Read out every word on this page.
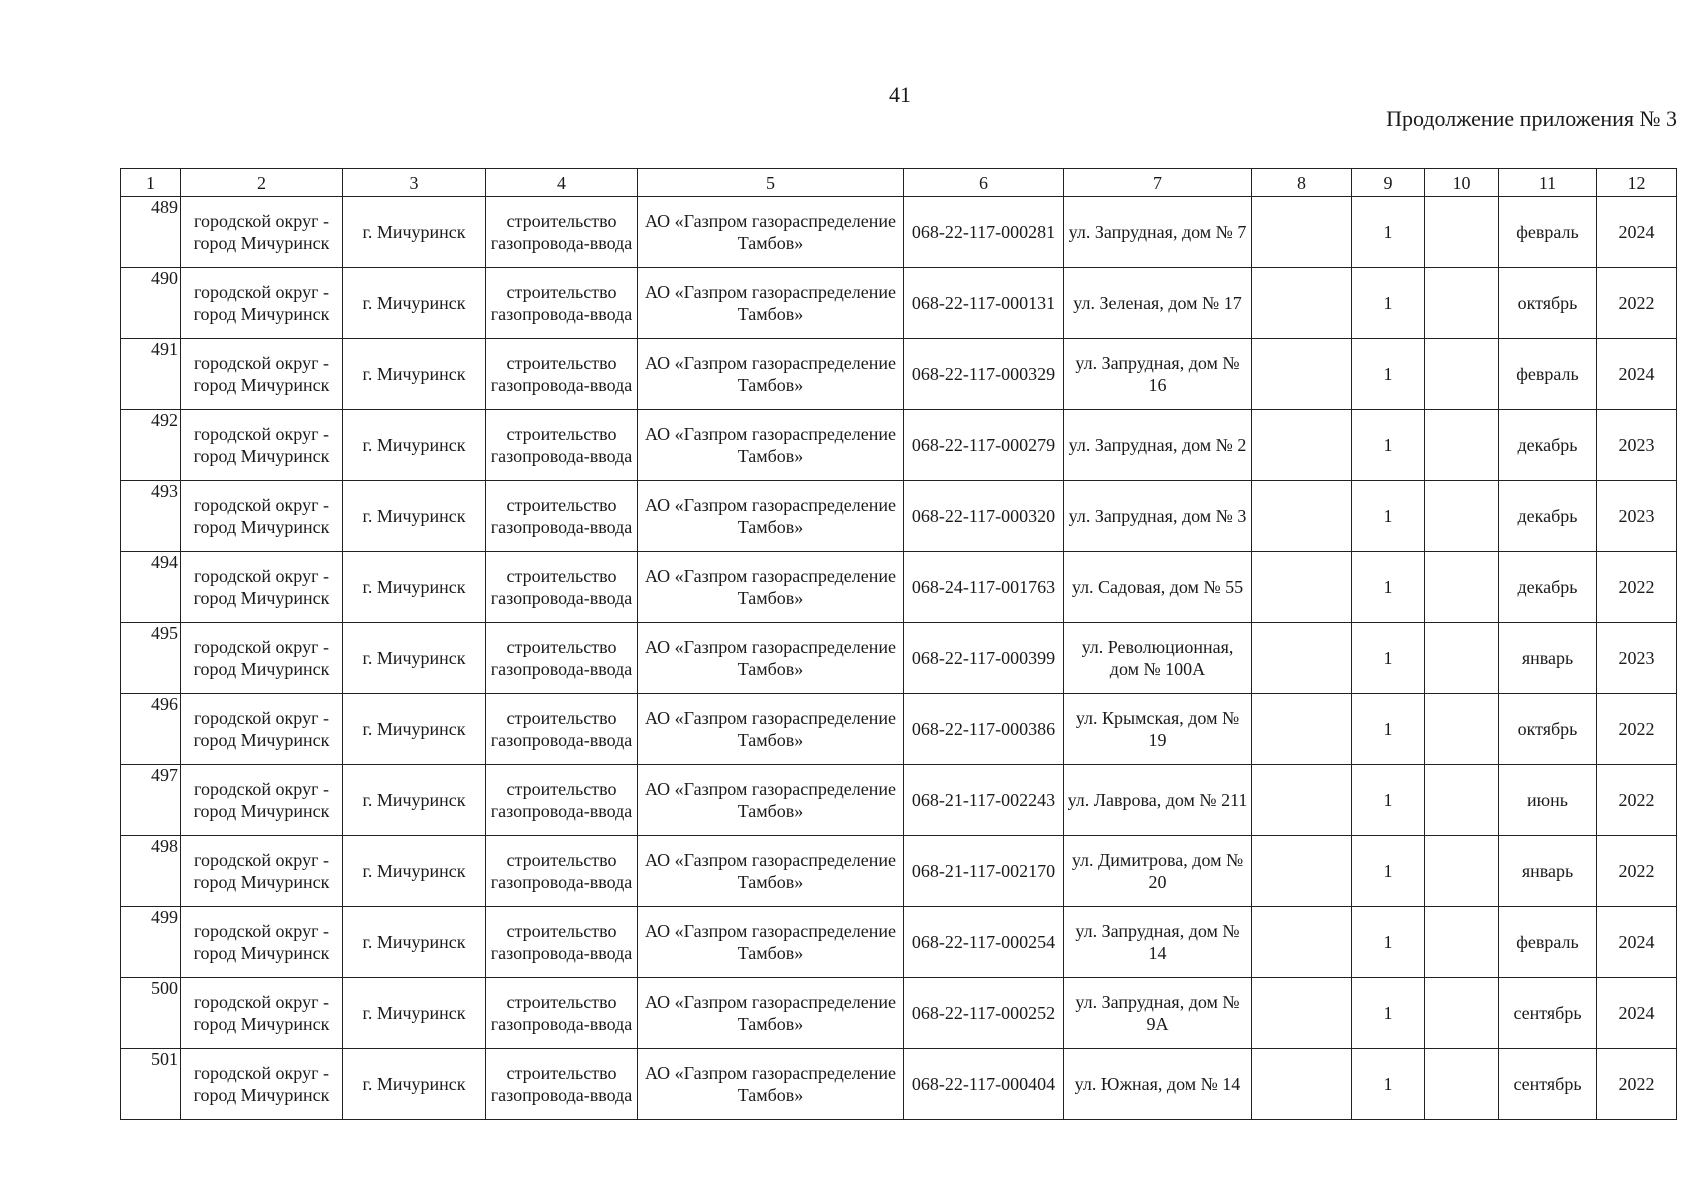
41
Продолжение приложения № 3
1	2	3	4	5	6	7	8	9	10	11	12
489	городской округ - город Мичуринск	г. Мичуринск	строительство газопровода-ввода	АО «Газпром газораспределение Тамбов»	068-22-117-000281	ул. Запрудная, дом № 7		1		февраль	2024
490	городской округ - город Мичуринск	г. Мичуринск	строительство газопровода-ввода	АО «Газпром газораспределение Тамбов»	068-22-117-000131	ул. Зеленая, дом № 17		1		октябрь	2022
491	городской округ - город Мичуринск	г. Мичуринск	строительство газопровода-ввода	АО «Газпром газораспределение Тамбов»	068-22-117-000329	ул. Запрудная, дом № 16		1		февраль	2024
492	городской округ - город Мичуринск	г. Мичуринск	строительство газопровода-ввода	АО «Газпром газораспределение Тамбов»	068-22-117-000279	ул. Запрудная, дом № 2		1		декабрь	2023
493	городской округ - город Мичуринск	г. Мичуринск	строительство газопровода-ввода	АО «Газпром газораспределение Тамбов»	068-22-117-000320	ул. Запрудная, дом № 3		1		декабрь	2023
494	городской округ - город Мичуринск	г. Мичуринск	строительство газопровода-ввода	АО «Газпром газораспределение Тамбов»	068-24-117-001763	ул. Садовая, дом № 55		1		декабрь	2022
495	городской округ - город Мичуринск	г. Мичуринск	строительство газопровода-ввода	АО «Газпром газораспределение Тамбов»	068-22-117-000399	ул. Революционная, дом № 100А		1		январь	2023
496	городской округ - город Мичуринск	г. Мичуринск	строительство газопровода-ввода	АО «Газпром газораспределение Тамбов»	068-22-117-000386	ул. Крымская, дом № 19		1		октябрь	2022
497	городской округ - город Мичуринск	г. Мичуринск	строительство газопровода-ввода	АО «Газпром газораспределение Тамбов»	068-21-117-002243	ул. Лаврова, дом № 211		1		июнь	2022
498	городской округ - город Мичуринск	г. Мичуринск	строительство газопровода-ввода	АО «Газпром газораспределение Тамбов»	068-21-117-002170	ул. Димитрова, дом № 20		1		январь	2022
499	городской округ - город Мичуринск	г. Мичуринск	строительство газопровода-ввода	АО «Газпром газораспределение Тамбов»	068-22-117-000254	ул. Запрудная, дом № 14		1		февраль	2024
500	городской округ - город Мичуринск	г. Мичуринск	строительство газопровода-ввода	АО «Газпром газораспределение Тамбов»	068-22-117-000252	ул. Запрудная, дом № 9А		1		сентябрь	2024
501	городской округ - город Мичуринск	г. Мичуринск	строительство газопровода-ввода	АО «Газпром газораспределение Тамбов»	068-22-117-000404	ул. Южная, дом № 14		1		сентябрь	2022
